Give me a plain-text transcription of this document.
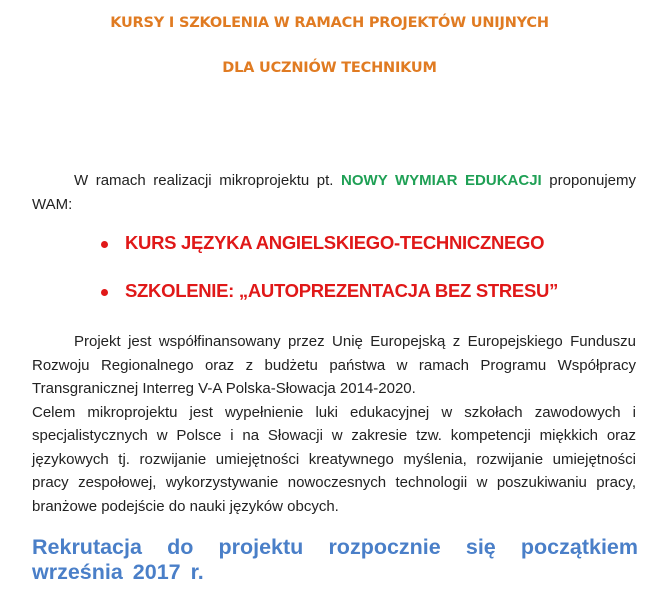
KURSY I SZKOLENIA W RAMACH PROJEKTÓW UNIJNYCH
DLA UCZNIÓW TECHNIKUM
W ramach realizacji mikroprojektu pt. NOWY WYMIAR EDUKACJI proponujemy WAM:
KURS JĘZYKA ANGIELSKIEGO-TECHNICZNEGO
SZKOLENIE: „AUTOPREZENTACJA BEZ STRESU”
Projekt jest współfinansowany przez Unię Europejską z Europejskiego Funduszu Rozwoju Regionalnego oraz z budżetu państwa w ramach Programu Współpracy Transgranicznej Interreg V-A Polska-Słowacja 2014-2020.
Celem mikroprojektu jest wypełnienie luki edukacyjnej w szkołach zawodowych i specjalistycznych w Polsce i na Słowacji w zakresie tzw. kompetencji miękkich oraz językowych tj. rozwijanie umiejętności kreatywnego myślenia, rozwijanie umiejętności pracy zespołowej, wykorzystywanie nowoczesnych technologii w poszukiwaniu pracy, branżowe podejście do nauki języków obcych.
Rekrutacja do projektu rozpocznie się początkiem września 2017 r.
